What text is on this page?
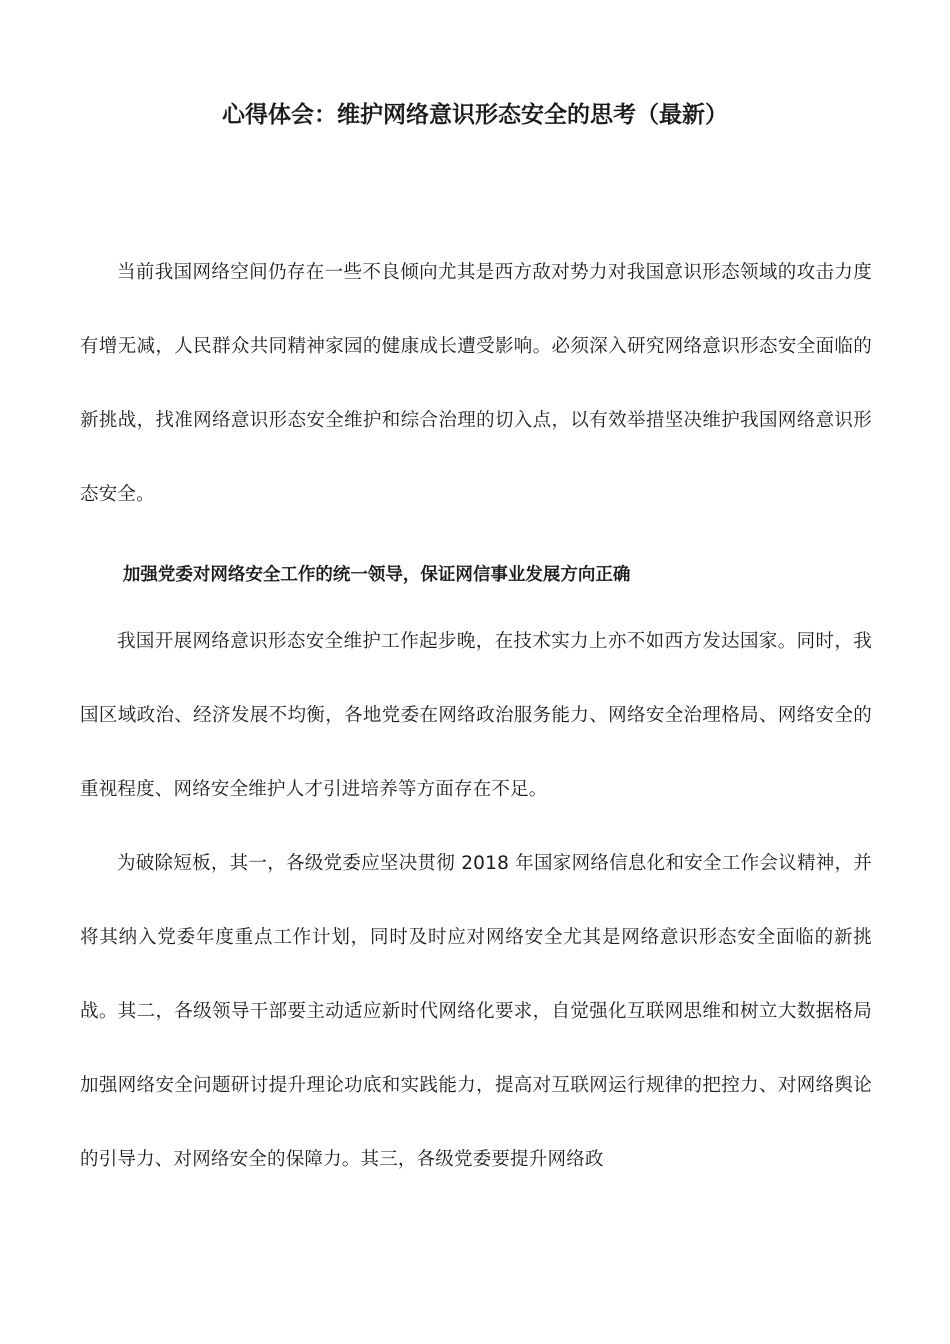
心得体会：维护网络意识形态安全的思考（最新）

当前我国网络空间仍存在一些不良倾向尤其是西方敌对势力对我国意识形态领域的攻击力度有增无减，人民群众共同精神家园的健康成长遭受影响。必须深入研究网络意识形态安全面临的新挑战，找准网络意识形态安全维护和综合治理的切入点，以有效举措坚决维护我国网络意识形态安全。

加强党委对网络安全工作的统一领导，保证网信事业发展方向正确

我国开展网络意识形态安全维护工作起步晚，在技术实力上亦不如西方发达国家。同时，我国区域政治、经济发展不均衡，各地党委在网络政治服务能力、网络安全治理格局、网络安全的重视程度、网络安全维护人才引进培养等方面存在不足。

为破除短板，其一，各级党委应坚决贯彻 2018 年国家网络信息化和安全工作会议精神，并将其纳入党委年度重点工作计划，同时及时应对网络安全尤其是网络意识形态安全面临的新挑战。其二，各级领导干部要主动适应新时代网络化要求，自觉强化互联网思维和树立大数据格局加强网络安全问题研讨提升理论功底和实践能力，提高对互联网运行规律的把控力、对网络舆论的引导力、对网络安全的保障力。其三，各级党委要提升网络政
